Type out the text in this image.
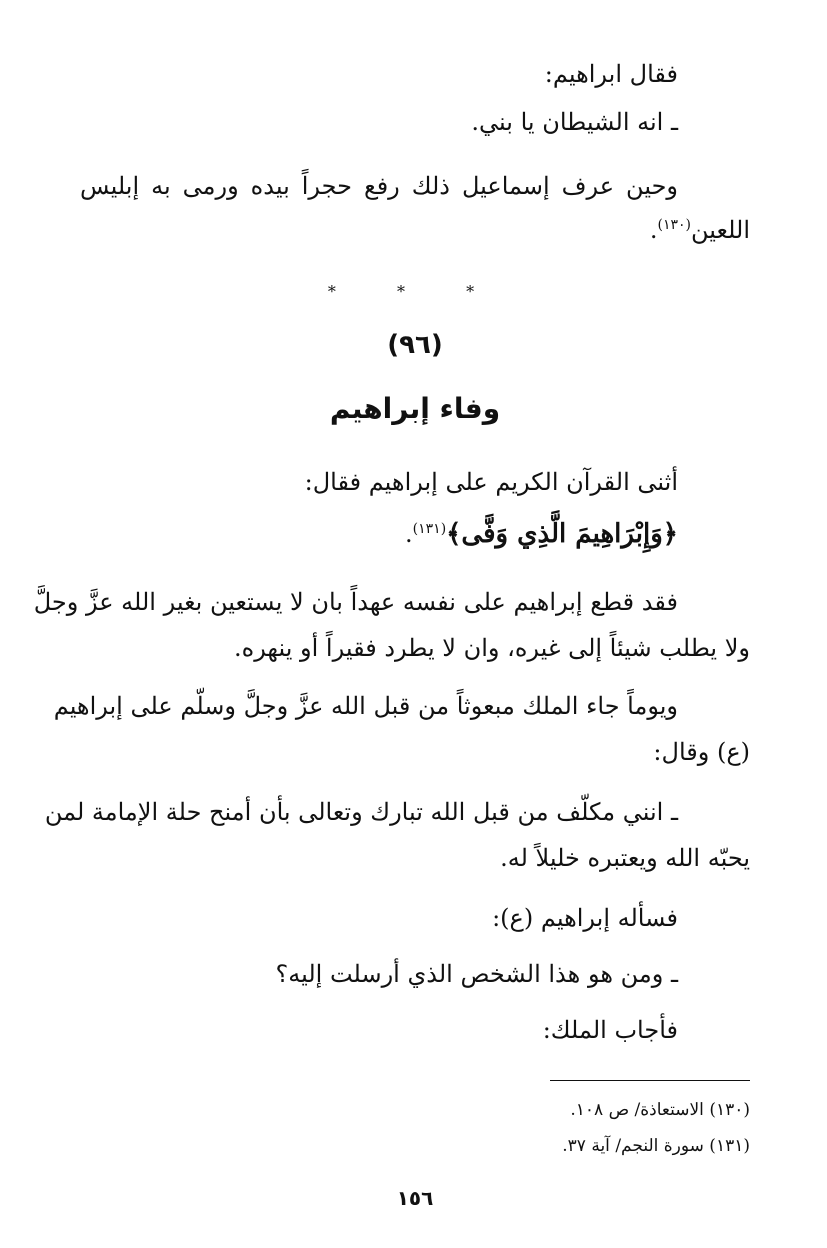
فقال ابراهيم:
ـ انه الشيطان يا بني.
وحين عرف إسماعيل ذلك رفع حجراً بيده ورمى به إبليس
اللعين$^{(١٣٠)}$.
* * *
(٩٦)
وفاء إبراهيم
أثنى القرآن الكريم على إبراهيم فقال:
﴿وَإِبْرَاهِيمَ الَّذِي وَفَّى﴾$^{(١٣١)}$.
فقد قطع إبراهيم على نفسه عهداً بان لا يستعين بغير الله عزَّ وجلَّ
ولا يطلب شيئاً إلى غيره، وان لا يطرد فقيراً أو ينهره.
ويوماً جاء الملك مبعوثاً من قبل الله عزَّ وجلَّ وسلّم على إبراهيم
(ع) وقال:
ـ انني مكلّف من قبل الله تبارك وتعالى بأن أمنح حلة الإمامة لمن
يحبّه الله ويعتبره خليلاً له.
فسأله إبراهيم (ع):
ـ ومن هو هذا الشخص الذي أرسلت إليه؟
فأجاب الملك:
(١٣٠) الاستعاذة/ ص ١٠٨.
(١٣١) سورة النجم/ آية ٣٧.
١٥٦
